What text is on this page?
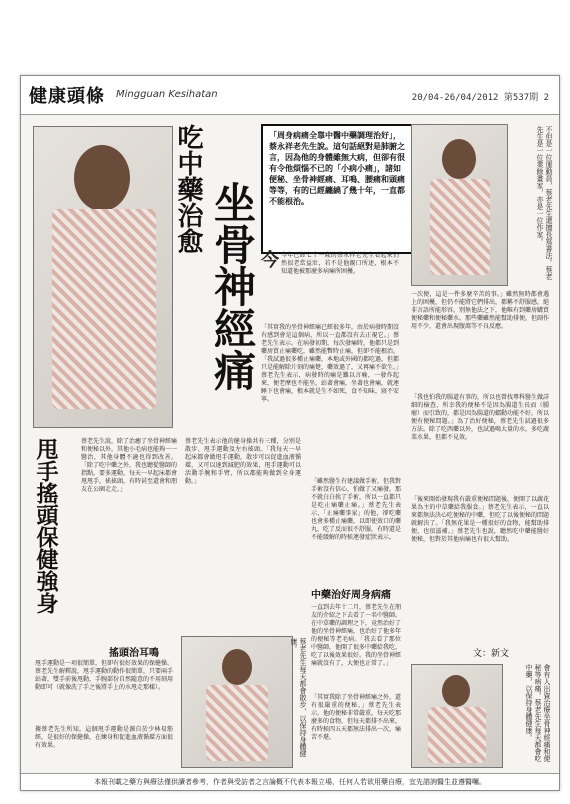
健康頭條 Mingguan Kesihatan	20/04-26/04/2012 第537期 2
吃中藥治愈 坐骨神經痛
「周身病痛全靠中醫中藥調理治好」，蔡永祥老先生說。這句話絕對是肺腑之言，因為他的身體雖無大病，但卻有很有令他煩惱不已的「小病小痛」，諸如便秘、坐骨神經痛、耳鳴、腰痛和頭痛等等，有的已經纏繞了幾十年，一直都不能根治。	不但是一位運動員，蔡老先生還擅長寫書法。蔡老先生是一位業餘畫家，亦是一位作家。
今今年已經七十一歲的蔡永祥老先生看起來仍然很老當益壯，若不是他親口所述，根本不知道他被那麼多病痛所困擾。
「其實我的坐骨神經痛已經很多年，由於病發時期沒有感到會是這個病，所以一直都沒有去正視它。」蔡老先生表示。在病發初期，每次發痛時，他都只是到藥房買止痛藥吃，雖然能暫時止痛，但卻不能根治。「我試過很多種止痛藥，本地或外國的都吃過，但都只是能解除片刻的痛楚，藥效過了，又再痛不欲生。」蔡老先生表示，病發時的痛是難以言喻，一發作起來，便老摩也不能坐，站著會痛，坐著也會痛，就連睡下也會痛，根本就是生不如死，食不知味，寢不安寧。
一次便，這是一件多麼辛苦的事。」雖然無時都會遇上的困擾，但仍不能將它們排出，都稱不舒服感，絕非言語所能形容。別無他法之下，他唯有到藥房購買便秘藥和便秘藥水。那些藥雖然能幫助排便，但副作用不少，還會出現腹瀉等不良反應。
「我也怕我的腸道有事的，所以也曾找專科醫生做詳細的檢查，所幸我的便秘不是因為腸道生長而（腫瘤）而引致的，都是因為腸道的蠕動功能不好，所以便有便秘問題。」為了治好便秘，蔡老先生試過很多方法。除了吃西藥以外，也試過喝大量的水，多吃蔬菜水果，但都不見效。
蔡老先生說，除了治癒了坐骨神經痛和便秘以外，其他小毛病也能夠一一醫治，其他身體不適也得到改善。「除了吃中藥之外，我也聽從醫師的指點，要多運動，每天一早起床都會甩甩手，搖搖頭，有時甚至還會和朋友在公園走走。」
蔡老先生表示他的健身操共有三種，分別是散步、甩手運動及左右搖頭。「我每天一早起床都會做甩手運動，散步可以促進血液循環，又可以達到減肥的效果，甩手運動可以活動手腕和手臂，所以都能夠做到全身運動。」
甩手搖頭保健強身	「雖然醫生有建議做手術，但我對手術沒有信心，怕做了又痛發，那不就白白挨了手術，所以一直都只是吃止痛藥止痛。」蔡老先生表示，「止痛藥事家」的他，卻吃藥也會多種止痛藥，以即使效口的藥丸，吃了反而很不舒服，有時還是不能緩解的時候連發症狀表示。
中藥治好周身病痛
一直到去年十二月，蔡老先生在朋友的介紹之下去看了一名中醫師。在中草藥的調理之下，竟然治好了他的坐骨神經痛，也治好了他多年的便秘等老毛病。「我去看了那位中醫師，他開了很多中藥給我吃，吃了以後效果很好。我的坐骨神經痛就沒有了，大便也正常了。」
「後來開始發現我有嚴重便秘問題後，便開了以蔬花果為主的中草藥給我服食。」蔡老先生表示，一直以來都無法決心吃便秘的中藥，但吃了以後便秘的問題就解決了。「我無花果是一種很好的食物，能幫助排便，也很滋補。」蔡老先生也說，聽然吃中藥能醫好便秘，但對於其他病痛也有很大幫助。
文：新文
搖頭治耳鳴
甩手運動是一項很簡單，但卻有很好效果的保健操。蔡老先生解釋說，甩手運動的動作很簡單，只要兩手站著，雙手前後甩動，手腕部份自然隨意的不用刻用動即可（就像洗了手之後將手上的水甩走那樣）。
據蔡老先生所知，這個甩手運動是源自於少林易筋經，是很好的保健操，在練身和促進血液循環方面很有效果。	蔡老先生每天都會散步，以保持身體健康。
「其實我除了坐骨神經痛之外，還有很嚴重的便秘。」蔡老先生表示，他的便秘非常嚴重，每天吃那麼多的食物，但每天都排不出來，有時候四五天都無法排出一次，痛苦不堪。	會有人出資治療坐骨神經痛和便秘等病痛。蔡老先生每天都會吃中藥，以保持身體健康。
本報刊載之藥方與療法僅供讀者參考，作者與受訪者之言論概不代表本報立場，任何人若欲用藥自療，宜先諮詢醫生並遵醫囑。
